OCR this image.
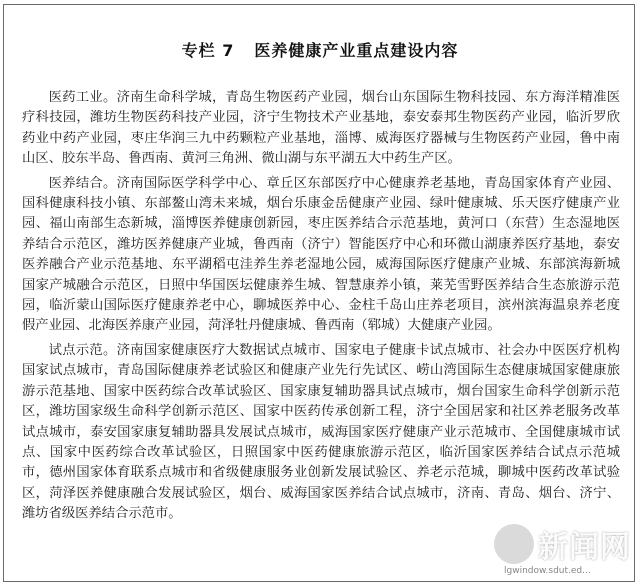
专栏 7 医养健康产业重点建设内容

医药工业。济南生命科学城，青岛生物医药产业园，烟台山东国际生物科技园、东方海洋精准医疗科技园，潍坊生物医药科技产业园，济宁生物技术产业基地，泰安泰邦生物医药产业园，临沂罗欣药业中药产业园，枣庄华润三九中药颗粒产业基地，淄博、威海医疗器械与生物医药产业园，鲁中南山区、胶东半岛、鲁西南、黄河三角洲、微山湖与东平湖五大中药生产区。

医养结合。济南国际医学科学中心、章丘区东部医疗中心健康养老基地，青岛国家体育产业园、国科健康科技小镇、东部鳌山湾未来城，烟台乐康金岳健康产业园、绿叶健康城、乐天医疗健康产业园、福山南部生态新城，淄博医养健康创新园，枣庄医养结合示范基地，黄河口（东营）生态湿地医养结合示范区，潍坊医养健康产业城，鲁西南（济宁）智能医疗中心和环微山湖康养医疗基地，泰安医养融合产业示范基地、东平湖稻屯洼养生养老湿地公园，威海国际医疗健康产业城、东部滨海新城国家产城融合示范区，日照中华国医坛健康养生城、智慧康养小镇，莱芜雪野医养结合生态旅游示范园，临沂蒙山国际医疗健康养老中心，聊城医养中心、金柱千岛山庄养老项目，滨州滨海温泉养老度假产业园、北海医养康产业园，菏泽牡丹健康城、鲁西南（郓城）大健康产业园。

试点示范。济南国家健康医疗大数据试点城市、国家电子健康卡试点城市、社会办中医医疗机构国家试点城市，青岛国际健康养老试验区和健康产业先行先试区、崂山湾国际生态健康城国家健康旅游示范基地、国家中医药综合改革试验区、国家康复辅助器具试点城市，烟台国家生命科学创新示范区，潍坊国家级生命科学创新示范区、国家中医药传承创新工程，济宁全国居家和社区养老服务改革试点城市，泰安国家康复辅助器具发展试点城市，威海国家医疗健康产业示范城市、全国健康城市试点、国家中医药综合改革试验区，日照国家中医药健康旅游示范区，临沂国家医养结合试点示范城市，德州国家体育联系点城市和省级健康服务业创新发展试验区、养老示范城，聊城中医药改革试验区，菏泽医养健康融合发展试验区，烟台、威海国家医养结合试点城市，济南、青岛、烟台、济宁、潍坊省级医养结合示范市。

新闻网
lgwindow.sdut.ed...
